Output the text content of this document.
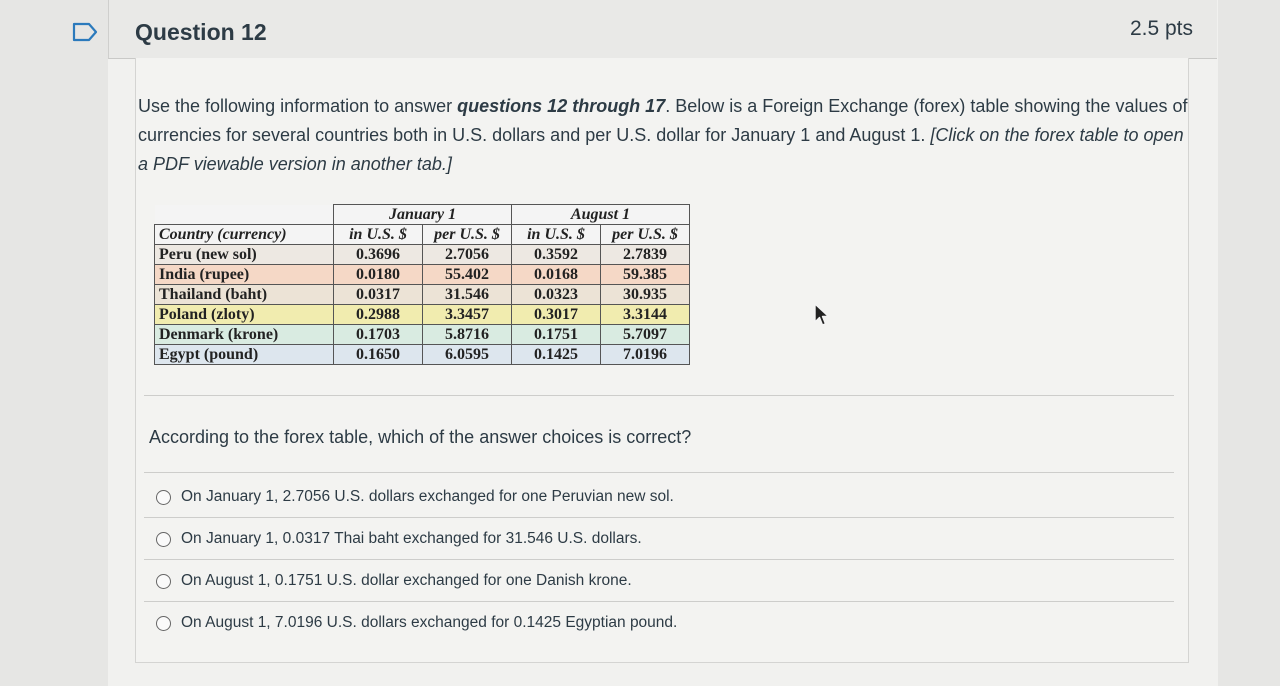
Question 12	2.5 pts
Use the following information to answer questions 12 through 17. Below is a Foreign Exchange (forex) table showing the values of currencies for several countries both in U.S. dollars and per U.S. dollar for January 1 and August 1. [Click on the forex table to open a PDF viewable version in another tab.]
	January 1		August 1	
Country (currency)	in U.S. $	per U.S. $	in U.S. $	per U.S. $
Peru (new sol)	0.3696	2.7056	0.3592	2.7839
India (rupee)	0.0180	55.402	0.0168	59.385
Thailand (baht)	0.0317	31.546	0.0323	30.935
Poland (zloty)	0.2988	3.3457	0.3017	3.3144
Denmark (krone)	0.1703	5.8716	0.1751	5.7097
Egypt (pound)	0.1650	6.0595	0.1425	7.0196
According to the forex table, which of the answer choices is correct?
On January 1, 2.7056 U.S. dollars exchanged for one Peruvian new sol.
On January 1, 0.0317 Thai baht exchanged for 31.546 U.S. dollars.
On August 1, 0.1751 U.S. dollar exchanged for one Danish krone.
On August 1, 7.0196 U.S. dollars exchanged for 0.1425 Egyptian pound.
